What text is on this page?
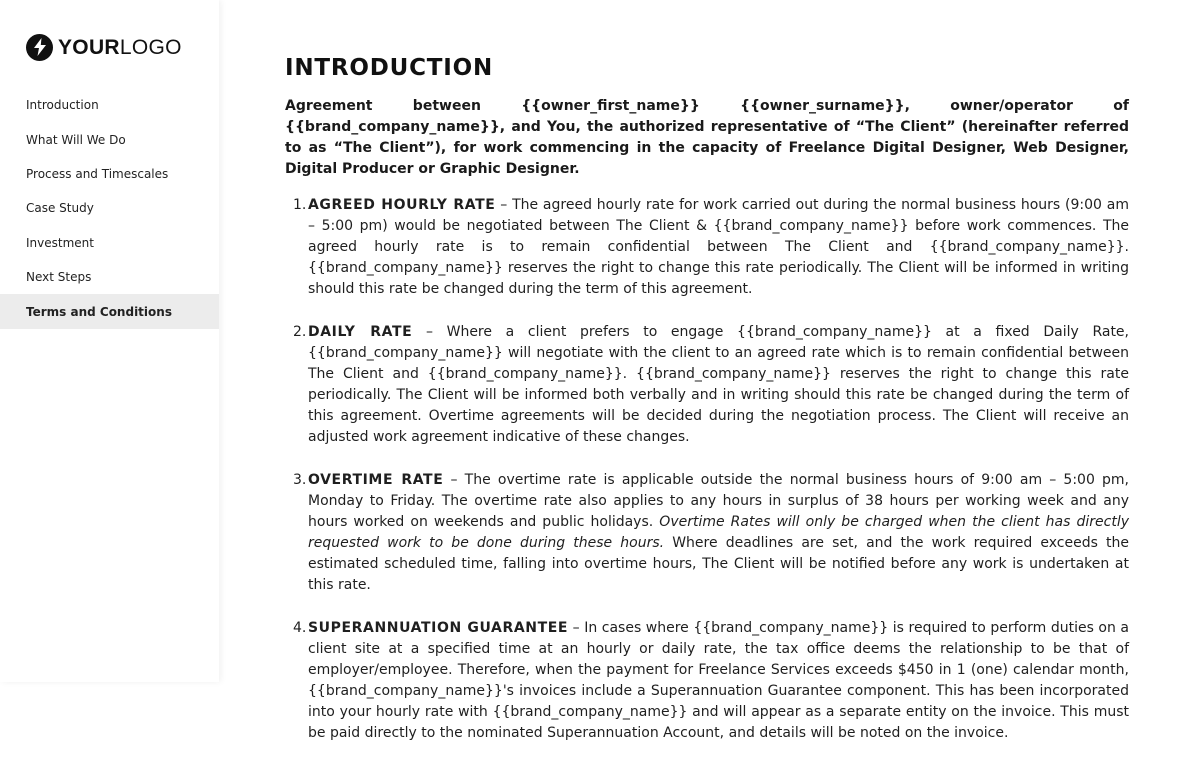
YOURLOGO
Introduction
What Will We Do
Process and Timescales
Case Study
Investment
Next Steps
Terms and Conditions
INTRODUCTION

Agreement between {{owner_first_name}} {{owner_surname}}, owner/operator of {{brand_company_name}}, and You, the authorized representative of “The Client” (hereinafter referred to as “The Client”), for work commencing in the capacity of Freelance Digital Designer, Web Designer, Digital Producer or Graphic Designer.

1. AGREED HOURLY RATE – The agreed hourly rate for work carried out during the normal business hours (9:00 am – 5:00 pm) would be negotiated between The Client & {{brand_company_name}} before work commences. The agreed hourly rate is to remain confidential between The Client and {{brand_company_name}}. {{brand_company_name}} reserves the right to change this rate periodically. The Client will be informed in writing should this rate be changed during the term of this agreement.
2. DAILY RATE – Where a client prefers to engage {{brand_company_name}} at a fixed Daily Rate, {{brand_company_name}} will negotiate with the client to an agreed rate which is to remain confidential between The Client and {{brand_company_name}}. {{brand_company_name}} reserves the right to change this rate periodically. The Client will be informed both verbally and in writing should this rate be changed during the term of this agreement. Overtime agreements will be decided during the negotiation process. The Client will receive an adjusted work agreement indicative of these changes.
3. OVERTIME RATE – The overtime rate is applicable outside the normal business hours of 9:00 am – 5:00 pm, Monday to Friday. The overtime rate also applies to any hours in surplus of 38 hours per working week and any hours worked on weekends and public holidays. Overtime Rates will only be charged when the client has directly requested work to be done during these hours. Where deadlines are set, and the work required exceeds the estimated scheduled time, falling into overtime hours, The Client will be notified before any work is undertaken at this rate.
4. SUPERANNUATION GUARANTEE – In cases where {{brand_company_name}} is required to perform duties on a client site at a specified time at an hourly or daily rate, the tax office deems the relationship to be that of employer/employee. Therefore, when the payment for Freelance Services exceeds $450 in 1 (one) calendar month, {{brand_company_name}}'s invoices include a Superannuation Guarantee component. This has been incorporated into your hourly rate with {{brand_company_name}} and will appear as a separate entity on the invoice. This must be paid directly to the nominated Superannuation Account, and details will be noted on the invoice.
